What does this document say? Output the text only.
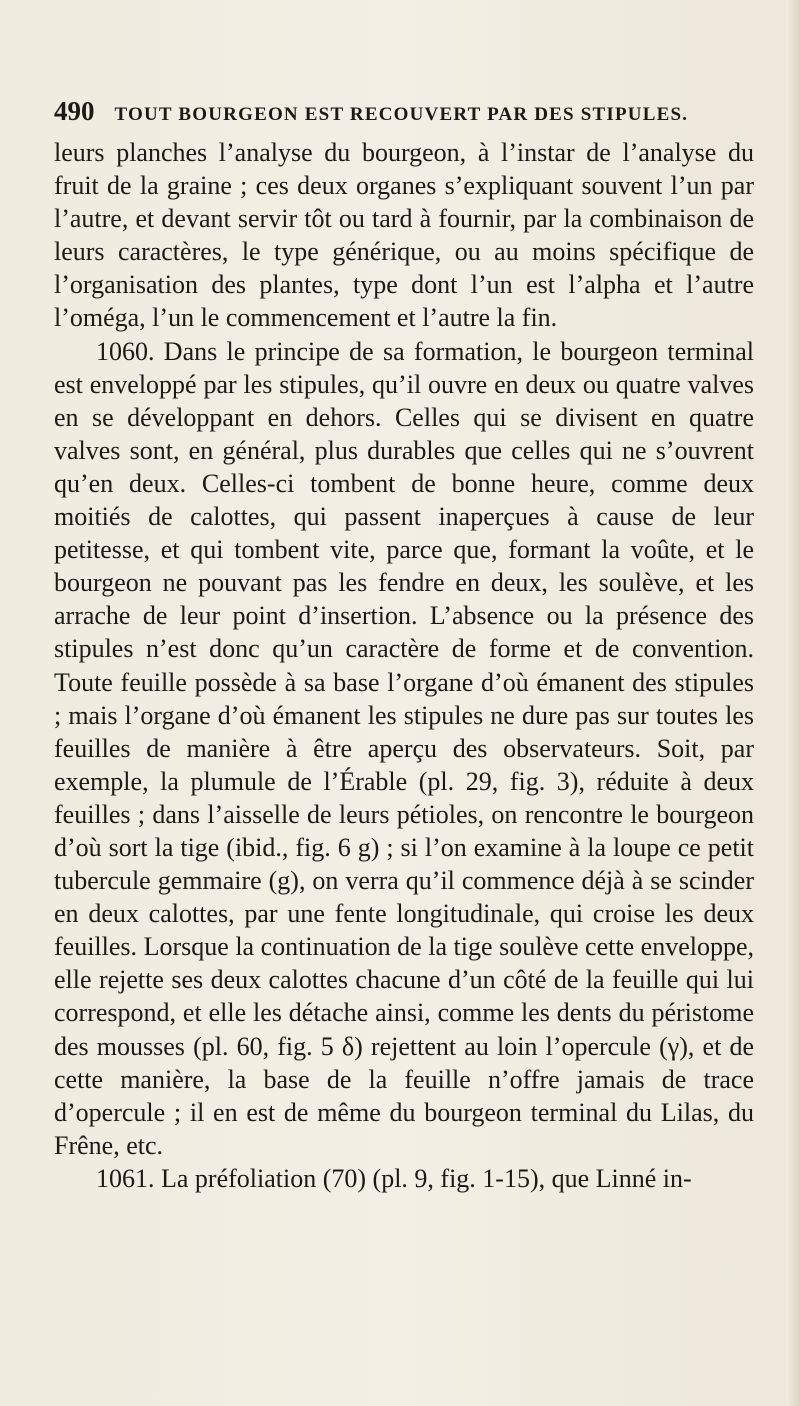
490 TOUT BOURGEON EST RECOUVERT PAR DES STIPULES.

leurs planches l’analyse du bourgeon, à l’instar de l’analyse du fruit de la graine ; ces deux organes s’expliquant souvent l’un par l’autre, et devant servir tôt ou tard à fournir, par la combinaison de leurs caractères, le type générique, ou au moins spécifique de l’organisation des plantes, type dont l’un est l’alpha et l’autre l’oméga, l’un le commencement et l’autre la fin.

1060. Dans le principe de sa formation, le bourgeon terminal est enveloppé par les stipules, qu’il ouvre en deux ou quatre valves en se développant en dehors. Celles qui se divisent en quatre valves sont, en général, plus durables que celles qui ne s’ouvrent qu’en deux. Celles-ci tombent de bonne heure, comme deux moitiés de calottes, qui passent inaperçues à cause de leur petitesse, et qui tombent vite, parce que, formant la voûte, et le bourgeon ne pouvant pas les fendre en deux, les soulève, et les arrache de leur point d’insertion. L’absence ou la présence des stipules n’est donc qu’un caractère de forme et de convention. Toute feuille possède à sa base l’organe d’où émanent des stipules ; mais l’organe d’où émanent les stipules ne dure pas sur toutes les feuilles de manière à être aperçu des observateurs. Soit, par exemple, la plumule de l’Érable (pl. 29, fig. 3), réduite à deux feuilles ; dans l’aisselle de leurs pétioles, on rencontre le bourgeon d’où sort la tige (ibid., fig. 6 g) ; si l’on examine à la loupe ce petit tubercule gemmaire (g), on verra qu’il commence déjà à se scinder en deux calottes, par une fente longitudinale, qui croise les deux feuilles. Lorsque la continuation de la tige soulève cette enveloppe, elle rejette ses deux calottes chacune d’un côté de la feuille qui lui correspond, et elle les détache ainsi, comme les dents du péristome des mousses (pl. 60, fig. 5 δ) rejettent au loin l’opercule (γ), et de cette manière, la base de la feuille n’offre jamais de trace d’opercule ; il en est de même du bourgeon terminal du Lilas, du Frêne, etc.

1061. La préfoliation (70) (pl. 9, fig. 1-15), que Linné in-
